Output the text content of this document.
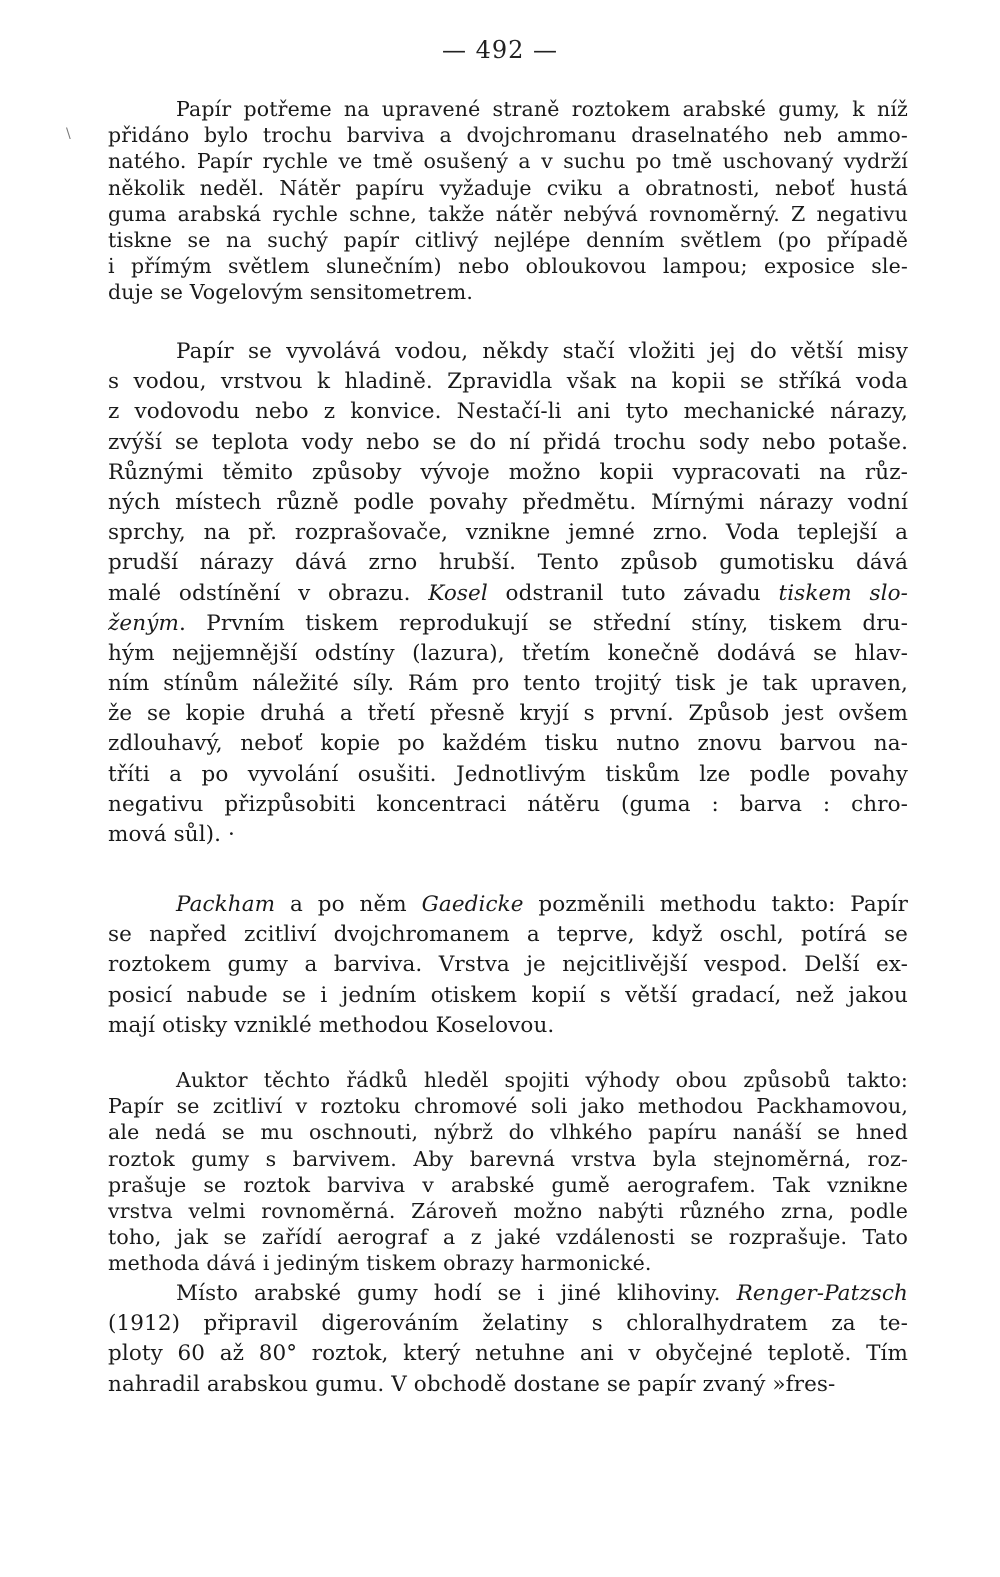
— 492 —
\
Papír potřeme na upravené straně roztokem arabské gumy, k níž
přidáno bylo trochu barviva a dvojchromanu draselnatého neb ammo-
natého. Papír rychle ve tmě osušený a v suchu po tmě uschovaný vydrží
několik neděl. Nátěr papíru vyžaduje cviku a obratnosti, neboť hustá
guma arabská rychle schne, takže nátěr nebývá rovnoměrný. Z negativu
tiskne se na suchý papír citlivý nejlépe denním světlem (po případě
i přímým světlem slunečním) nebo obloukovou lampou; exposice sle-
duje se Vogelovým sensitometrem.
Papír se vyvolává vodou, někdy stačí vložiti jej do větší misy
s vodou, vrstvou k hladině. Zpravidla však na kopii se stříká voda
z vodovodu nebo z konvice. Nestačí-li ani tyto mechanické nárazy,
zvýší se teplota vody nebo se do ní přidá trochu sody nebo potaše.
Různými těmito způsoby vývoje možno kopii vypracovati na růz-
ných místech různě podle povahy předmětu. Mírnými nárazy vodní
sprchy, na př. rozprašovače, vznikne jemné zrno. Voda teplejší a
prudší nárazy dává zrno hrubší. Tento způsob gumotisku dává
malé odstínění v obrazu. Kosel odstranil tuto závadu tiskem slo-
ženým. Prvním tiskem reprodukují se střední stíny, tiskem dru-
hým nejjemnější odstíny (lazura), třetím konečně dodává se hlav-
ním stínům náležité síly. Rám pro tento trojitý tisk je tak upraven,
že se kopie druhá a třetí přesně kryjí s první. Způsob jest ovšem
zdlouhavý, neboť kopie po každém tisku nutno znovu barvou na-
tříti a po vyvolání osušiti. Jednotlivým tiskům lze podle povahy
negativu přizpůsobiti koncentraci nátěru (guma : barva : chro-
mová sůl). ·
Packham a po něm Gaedicke pozměnili methodu takto: Papír
se napřed zcitliví dvojchromanem a teprve, když oschl, potírá se
roztokem gumy a barviva. Vrstva je nejcitlivější vespod. Delší ex-
posicí nabude se i jedním otiskem kopií s větší gradací, než jakou
mají otisky vzniklé methodou Koselovou.
Auktor těchto řádků hleděl spojiti výhody obou způsobů takto:
Papír se zcitliví v roztoku chromové soli jako methodou Packhamovou,
ale nedá se mu oschnouti, nýbrž do vlhkého papíru nanáší se hned
roztok gumy s barvivem. Aby barevná vrstva byla stejnoměrná, roz-
prašuje se roztok barviva v arabské gumě aerografem. Tak vznikne
vrstva velmi rovnoměrná. Zároveň možno nabýti různého zrna, podle
toho, jak se zařídí aerograf a z jaké vzdálenosti se rozprašuje. Tato
methoda dává i jediným tiskem obrazy harmonické.
Místo arabské gumy hodí se i jiné klihoviny. Renger-Patzsch
(1912) připravil digerováním želatiny s chloralhydratem za te-
ploty 60 až 80° roztok, který netuhne ani v obyčejné teplotě. Tím
nahradil arabskou gumu. V obchodě dostane se papír zvaný »fres-
